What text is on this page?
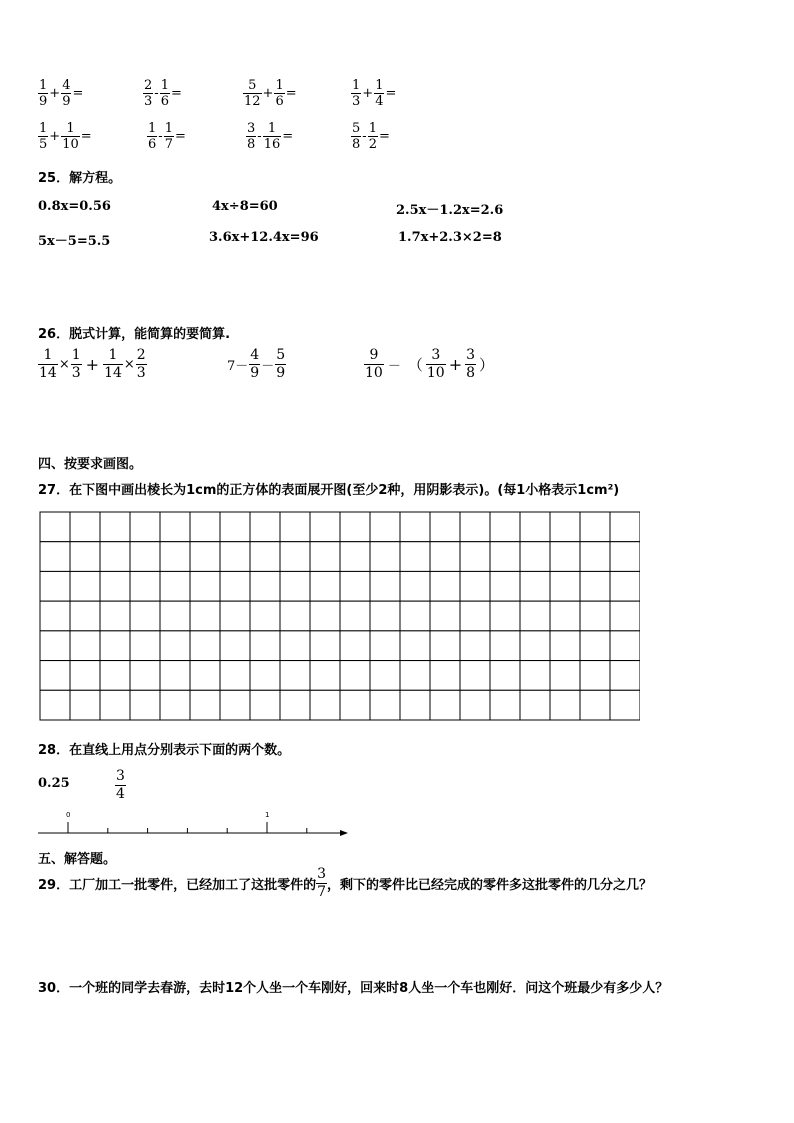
$\frac{1}{9} + \frac{4}{9}$ =	$\frac{2}{3} - \frac{1}{6}$ =	$\frac{5}{12} + \frac{1}{6}$ =	$\frac{1}{3} + \frac{1}{4}$ =
$\frac{1}{5} + \frac{1}{10}$ =	$\frac{1}{6} - \frac{1}{7}$ =	$\frac{3}{8} - \frac{1}{16}$ =	$\frac{5}{8} - \frac{1}{2}$ =
25．解方程。
0.8x=0.56	4x÷8=60	2.5x－1.2x=2.6
5x－5=5.5	3.6x+12.4x=96	1.7x+2.3×2=8
26．脱式计算，能简算的要简算.
$\frac{1}{14} \times \frac{1}{3} + \frac{1}{14} \times \frac{2}{3}$	$7- \frac{4}{9} - \frac{5}{9}$	$\frac{9}{10}$ － （ $\frac{3}{10} + \frac{3}{8}$ ）
四、按要求画图。
27．在下图中画出棱长为1cm的正方体的表面展开图(至少2种，用阴影表示)。(每1小格表示1cm²)
28．在直线上用点分别表示下面的两个数。
0.25	$\frac{3}{4}$
0	1
五、解答题。
29．工厂加工一批零件，已经加工了这批零件的 $\frac{3}{7}$ ，剩下的零件比已经完成的零件多这批零件的几分之几？
30．一个班的同学去春游，去时12个人坐一个车刚好，回来时8人坐一个车也刚好．问这个班最少有多少人？
